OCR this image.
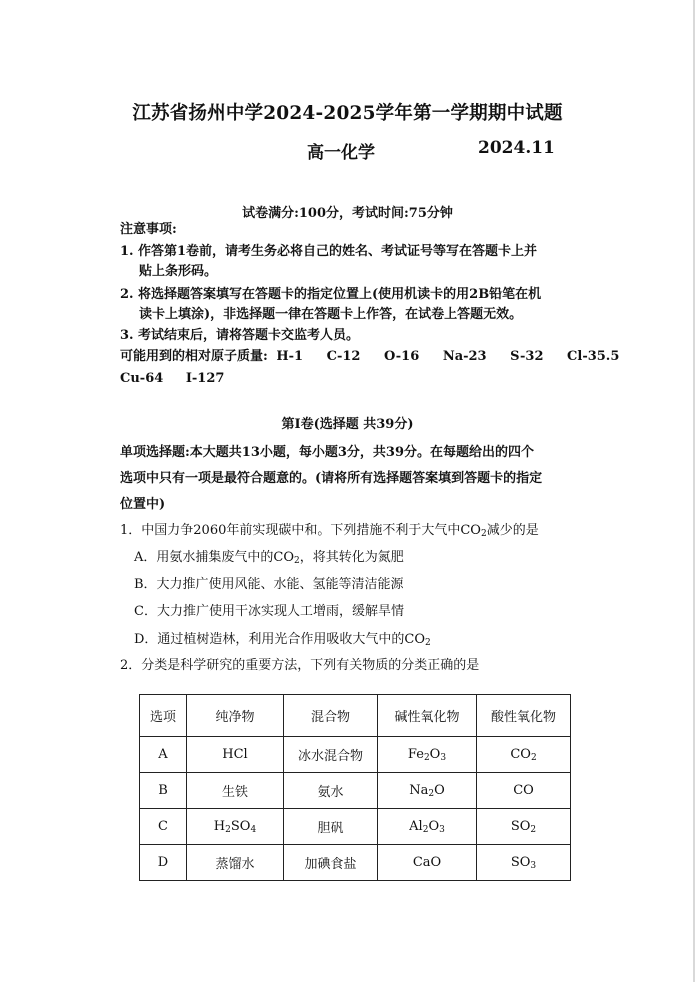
江苏省扬州中学2024-2025学年第一学期期中试题
高一化学	2024.11
试卷满分:100分，考试时间:75分钟
注意事项:
1. 作答第1卷前，请考生务必将自己的姓名、考试证号等写在答题卡上并
贴上条形码。
2. 将选择题答案填写在答题卡的指定位置上(使用机读卡的用2B铅笔在机
读卡上填涂)，非选择题一律在答题卡上作答，在试卷上答题无效。
3. 考试结束后，请将答题卡交监考人员。
可能用到的相对原子质量: H-1 C-12 O-16 Na-23 S-32 Cl-35.5
Cu-64 I-127
第I卷(选择题 共39分)
单项选择题:本大题共13小题，每小题3分，共39分。在每题给出的四个
选项中只有一项是最符合题意的。(请将所有选择题答案填到答题卡的指定
位置中)
1．中国力争2060年前实现碳中和。下列措施不利于大气中$CO_2$减少的是
A．用氨水捕集废气中的$CO_2$，将其转化为氮肥
B．大力推广使用风能、水能、氢能等清洁能源
C．大力推广使用干冰实现人工增雨，缓解旱情
D．通过植树造林，利用光合作用吸收大气中的$CO_2$
2．分类是科学研究的重要方法，下列有关物质的分类正确的是
选项	纯净物	混合物	碱性氧化物	酸性氧化物
A	HCl	冰水混合物	$Fe_2O_3$	$CO_2$
B	生铁	氨水	$Na_2O$	CO
C	$H_2SO_4$	胆矾	$Al_2O_3$	$SO_2$
D	蒸馏水	加碘食盐	CaO	$SO_3$
